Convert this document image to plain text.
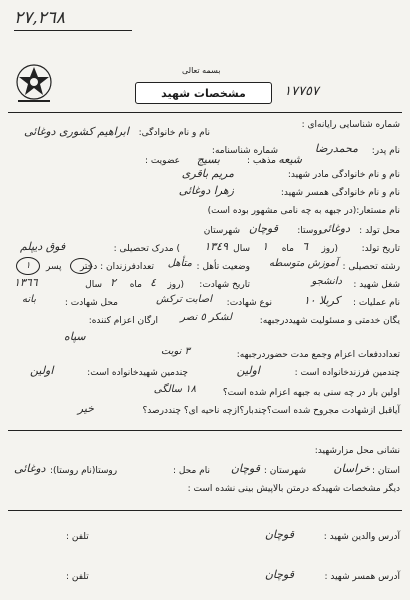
٢٧,٢٦٨
بسمه تعالی
مشخصات شهید	١٧٧٥٧
شماره شناسایی رایانه‌ای :
نام و نام خانوادگی:
ابراهیم کشوری دوغائی
نام پدر:
محمدرضا
شماره شناسنامه:
عضویت : بسیج	مذهب : شیعه
نام و نام خانوادگی مادر شهید:
مریم باقری
نام و نام خانوادگی همسر شهید:
زهرا دوغائی
نام مستعار:(در جبهه به چه نامی مشهور بوده است)
محل تولد :
شهرستان قوچان روستا:
دوغائی
تاریخ تولد:
(روز
٦
ماه
١
سال
١٣٤٩
) مدرک تحصیلی :
فوق دیپلم
رشته تحصیلی :
آموزش متوسطه
وضعیت تأهل :
متأهل
تعدادفرزندان : دختر
پسر
١
شغل شهید :
دانشجو
تاریخ شهادت:
(روز
٤
ماه
٢
سال
١٣٦٦
نام عملیات :
کربلا ١٠
نوع شهادت:
اصابت ترکش
محل شهادت :
بانه
یگان خدمتی و مسئولیت شهیددرجبهه:
لشکر ٥ نصر
ارگان اعزام کننده:
سپاه
تعداددفعات اعزام وجمع مدت حضوردرجبهه:
٣ نوبت
چندمین فرزندخانواده است :
اولین
چندمین شهیدخانواده است:
اولین
اولین بار در چه سنی به جبهه اعزام شده است؟
١٨ سالگی
آیاقبل ازشهادت مجروح شده است؟چندبار؟ازچه ناحیه ای؟ چنددرصد؟
خیر
نشانی محل مزارشهید:
استان :
خراسان
شهرستان :
قوچان
نام محل :
روستا(نام روستا):
دوغائی
دیگر مشخصات شهیدکه درمتن بالاپیش بینی نشده است :
آدرس والدین شهید :
قوچان
تلفن :
آدرس همسر شهید :
قوچان
تلفن :
